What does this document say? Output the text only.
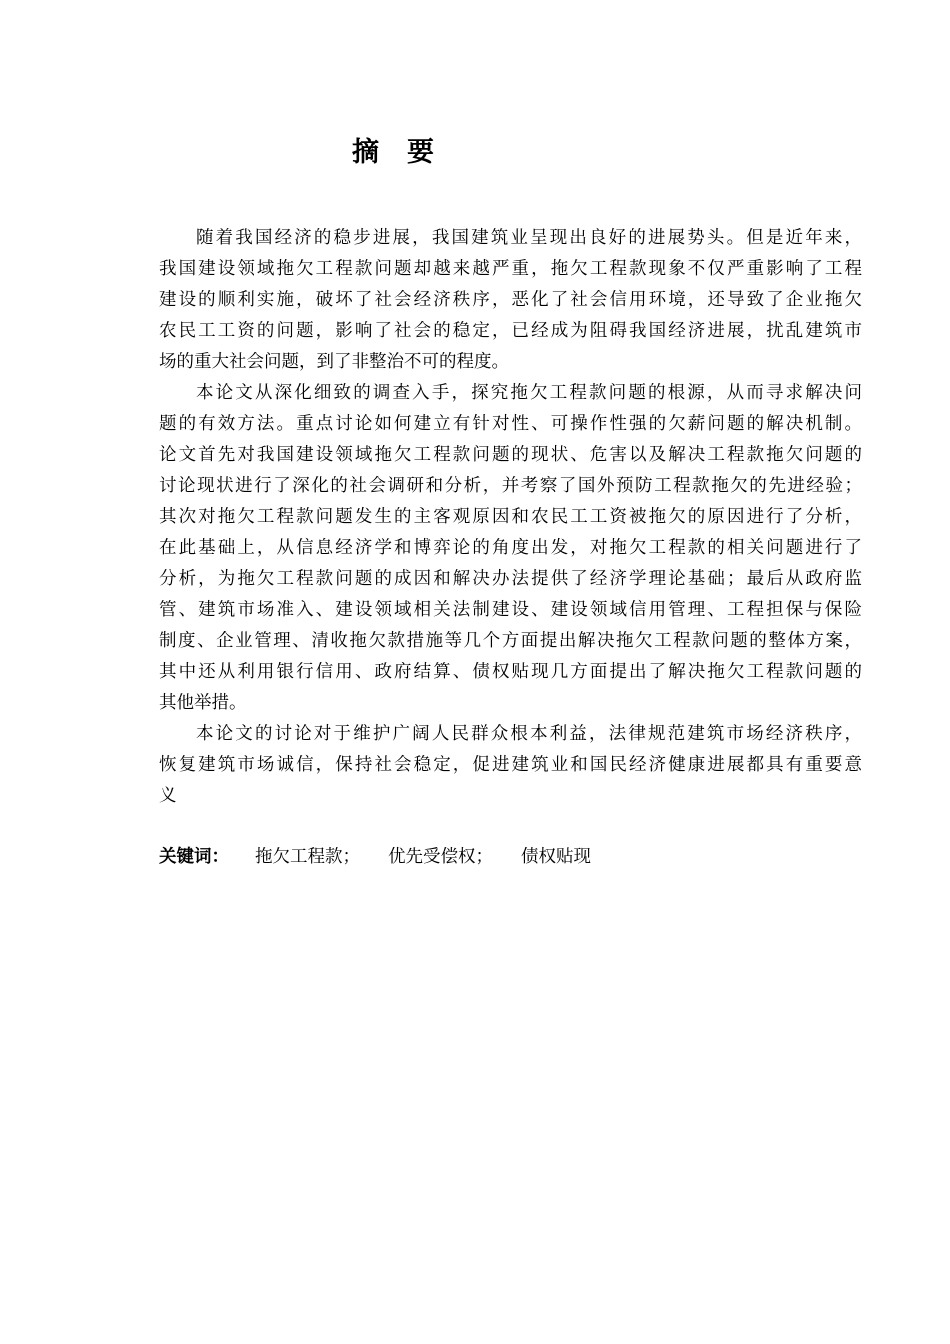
摘 要
随着我国经济的稳步进展，我国建筑业呈现出良好的进展势头。但是近年来，
我国建设领域拖欠工程款问题却越来越严重，拖欠工程款现象不仅严重影响了工程
建设的顺利实施，破坏了社会经济秩序，恶化了社会信用环境，还导致了企业拖欠
农民工工资的问题，影响了社会的稳定，已经成为阻碍我国经济进展，扰乱建筑市
场的重大社会问题，到了非整治不可的程度。
本论文从深化细致的调查入手，探究拖欠工程款问题的根源，从而寻求解决问
题的有效方法。重点讨论如何建立有针对性、可操作性强的欠薪问题的解决机制。
论文首先对我国建设领域拖欠工程款问题的现状、危害以及解决工程款拖欠问题的
讨论现状进行了深化的社会调研和分析，并考察了国外预防工程款拖欠的先进经验；
其次对拖欠工程款问题发生的主客观原因和农民工工资被拖欠的原因进行了分析，
在此基础上，从信息经济学和博弈论的角度出发，对拖欠工程款的相关问题进行了
分析，为拖欠工程款问题的成因和解决办法提供了经济学理论基础；最后从政府监
管、建筑市场准入、建设领域相关法制建设、建设领域信用管理、工程担保与保险
制度、企业管理、清收拖欠款措施等几个方面提出解决拖欠工程款问题的整体方案，
其中还从利用银行信用、政府结算、债权贴现几方面提出了解决拖欠工程款问题的
其他举措。
本论文的讨论对于维护广阔人民群众根本利益，法律规范建筑市场经济秩序，
恢复建筑市场诚信，保持社会稳定，促进建筑业和国民经济健康进展都具有重要意
义
关键词： 拖欠工程款； 优先受偿权； 债权贴现
